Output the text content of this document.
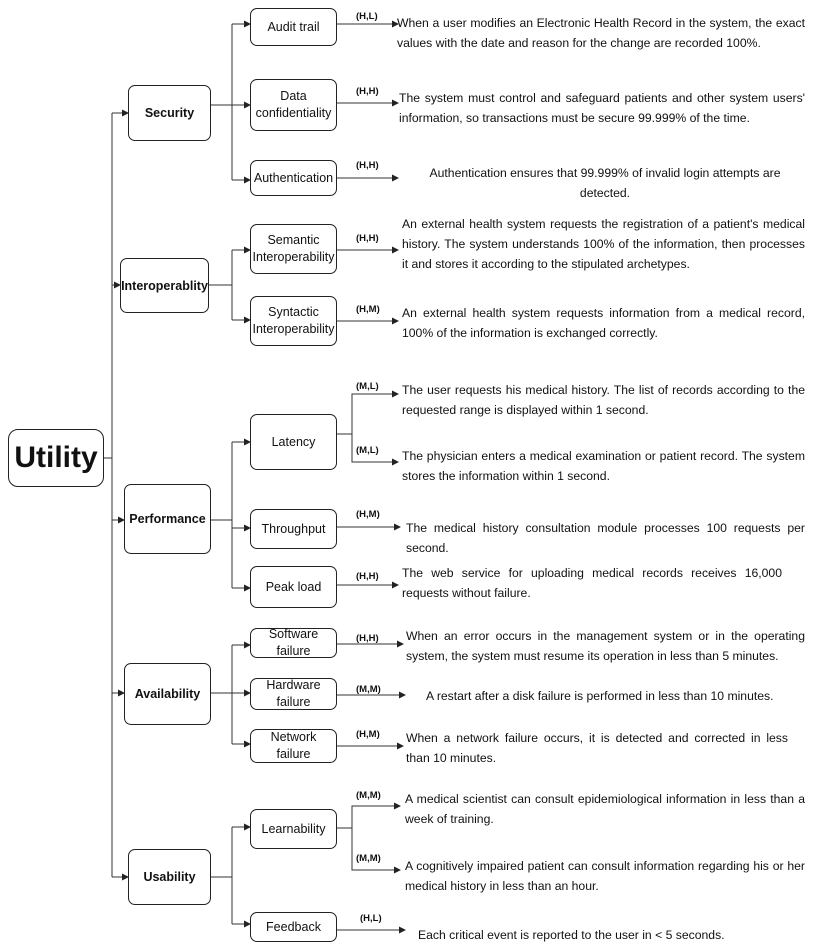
Utility
Security
Interoperablity
Performance
Availability
Usability
Audit trail
Data confidentiality
Authentication
Semantic Interoperability
Syntactic Interoperability
Latency
Throughput
Peak load
Software failure
Hardware failure
Network failure
Learnability
Feedback
(H,L)
(H,H)
(H,H)
(H,H)
(H,M)
(M,L)
(M,L)
(H,M)
(H,H)
(H,H)
(M,M)
(H,M)
(M,M)
(M,M)
(H,L)
When a user modifies an Electronic Health Record in the system, the exact values with the date and reason for the change are recorded 100%.
The system must control and safeguard patients and other system users' information, so transactions must be secure 99.999% of the time.
Authentication ensures that 99.999% of invalid login attempts are detected.
An external health system requests the registration of a patient's medical history. The system understands 100% of the information, then processes it and stores it according to the stipulated archetypes.
An external health system requests information from a medical record, 100% of the information is exchanged correctly.
The user requests his medical history. The list of records according to the requested range is displayed within 1 second.
The physician enters a medical examination or patient record. The system stores the information within 1 second.
The medical history consultation module processes 100 requests per second.
The web service for uploading medical records receives 16,000 requests without failure.
When an error occurs in the management system or in the operating system, the system must resume its operation in less than 5 minutes.
A restart after a disk failure is performed in less than 10 minutes.
When a network failure occurs, it is detected and corrected in less than 10 minutes.
A medical scientist can consult epidemiological information in less than a week of training.
A cognitively impaired patient can consult information regarding his or her medical history in less than an hour.
Each critical event is reported to the user in < 5 seconds.
